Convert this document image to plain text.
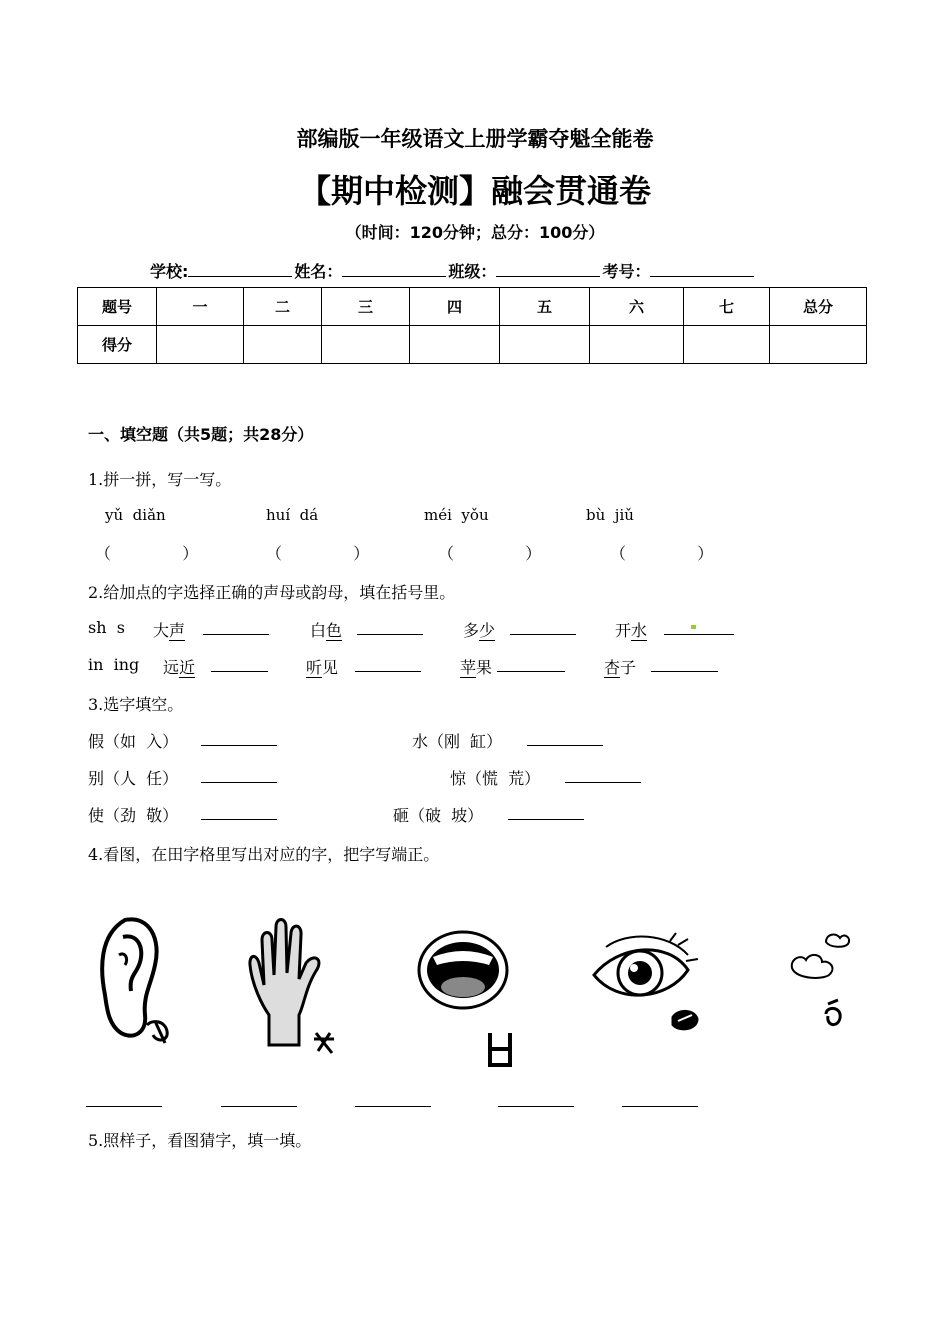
部编版一年级语文上册学霸夺魁全能卷
【期中检测】融会贯通卷
（时间：120分钟；总分：100分）
学校:	姓名：	班级：	考号：
题号	一	二	三	四	五	六	七	总分
得分								
一、填空题（共5题；共28分）
1.拼一拼，写一写。
yǔ  diǎn	huí  dá	méi  yǒu	bù  jiǔ
（              ）	（              ）	（              ）	（              ）
2.给加点的字选择正确的声母或韵母，填在括号里。
sh  s 大声	白色	多少	开水
in  ing 远近	听见	苹果	杏子
3.选字填空。
假（如  入）	水（刚  缸）
别（人  任）	惊（慌  荒）
使（劲  敬）	砸（破  坡）
4.看图，在田字格里写出对应的字，把字写端正。
5.照样子，看图猜字，填一填。
